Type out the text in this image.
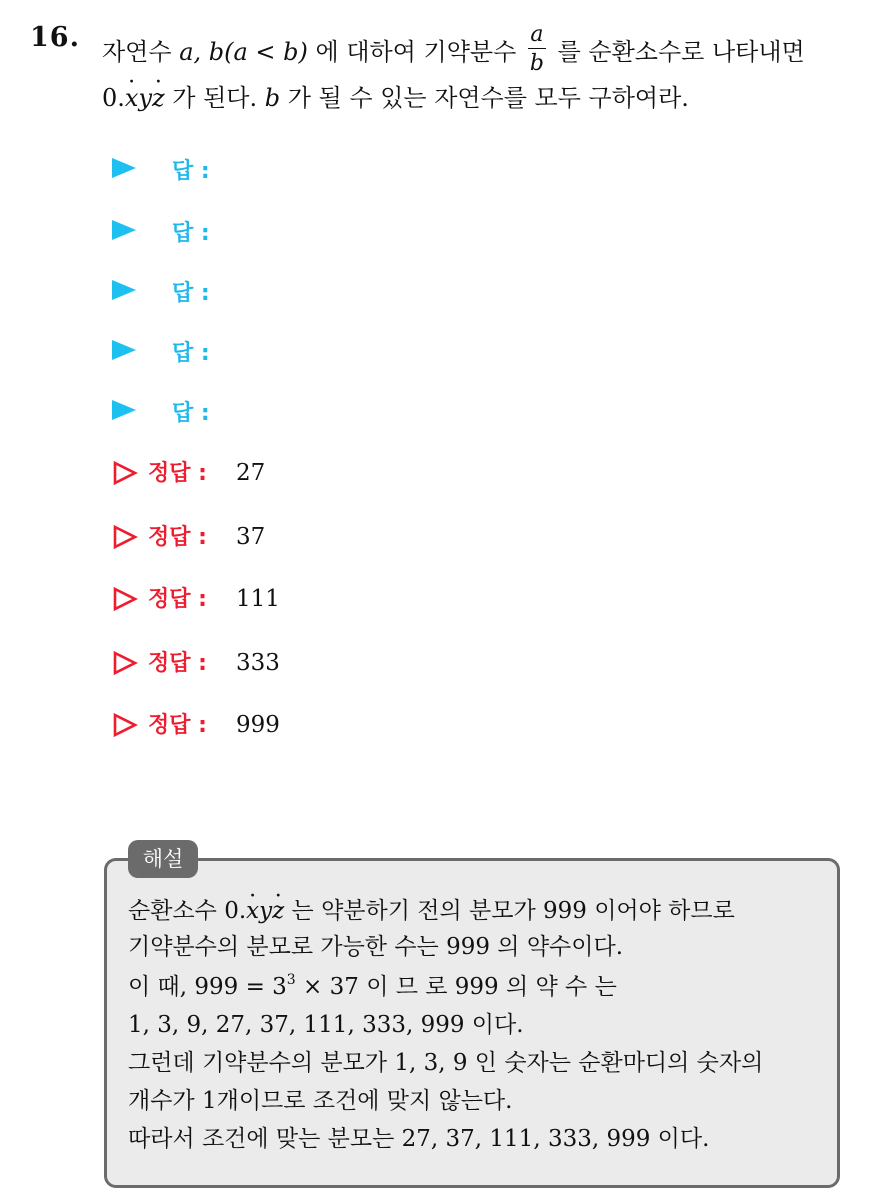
16. 자연수 a, b(a < b) 에 대하여 기약분수 $\frac{a}{b}$ 를 순환소수로 나타내면
0.· xy· z 가 된다. b 가 될 수 있는 자연수를 모두 구하여라.
답 :
답 :
답 :
답 :
답 :
정답 : 27
정답 : 37
정답 : 111
정답 : 333
정답 : 999
해설
순환소수 0.· xy· z 는 약분하기 전의 분모가 999 이어야 하므로
기약분수의 분모로 가능한 수는 999 의 약수이다.
이 때, $999 = 3^3 \times 37$ 이 므 로 999 의 약 수 는
1, 3, 9, 27, 37, 111, 333, 999 이다.
그런데 기약분수의 분모가 1, 3, 9 인 숫자는 순환마디의 숫자의
개수가 1개이므로 조건에 맞지 않는다.
따라서 조건에 맞는 분모는 27, 37, 111, 333, 999 이다.
